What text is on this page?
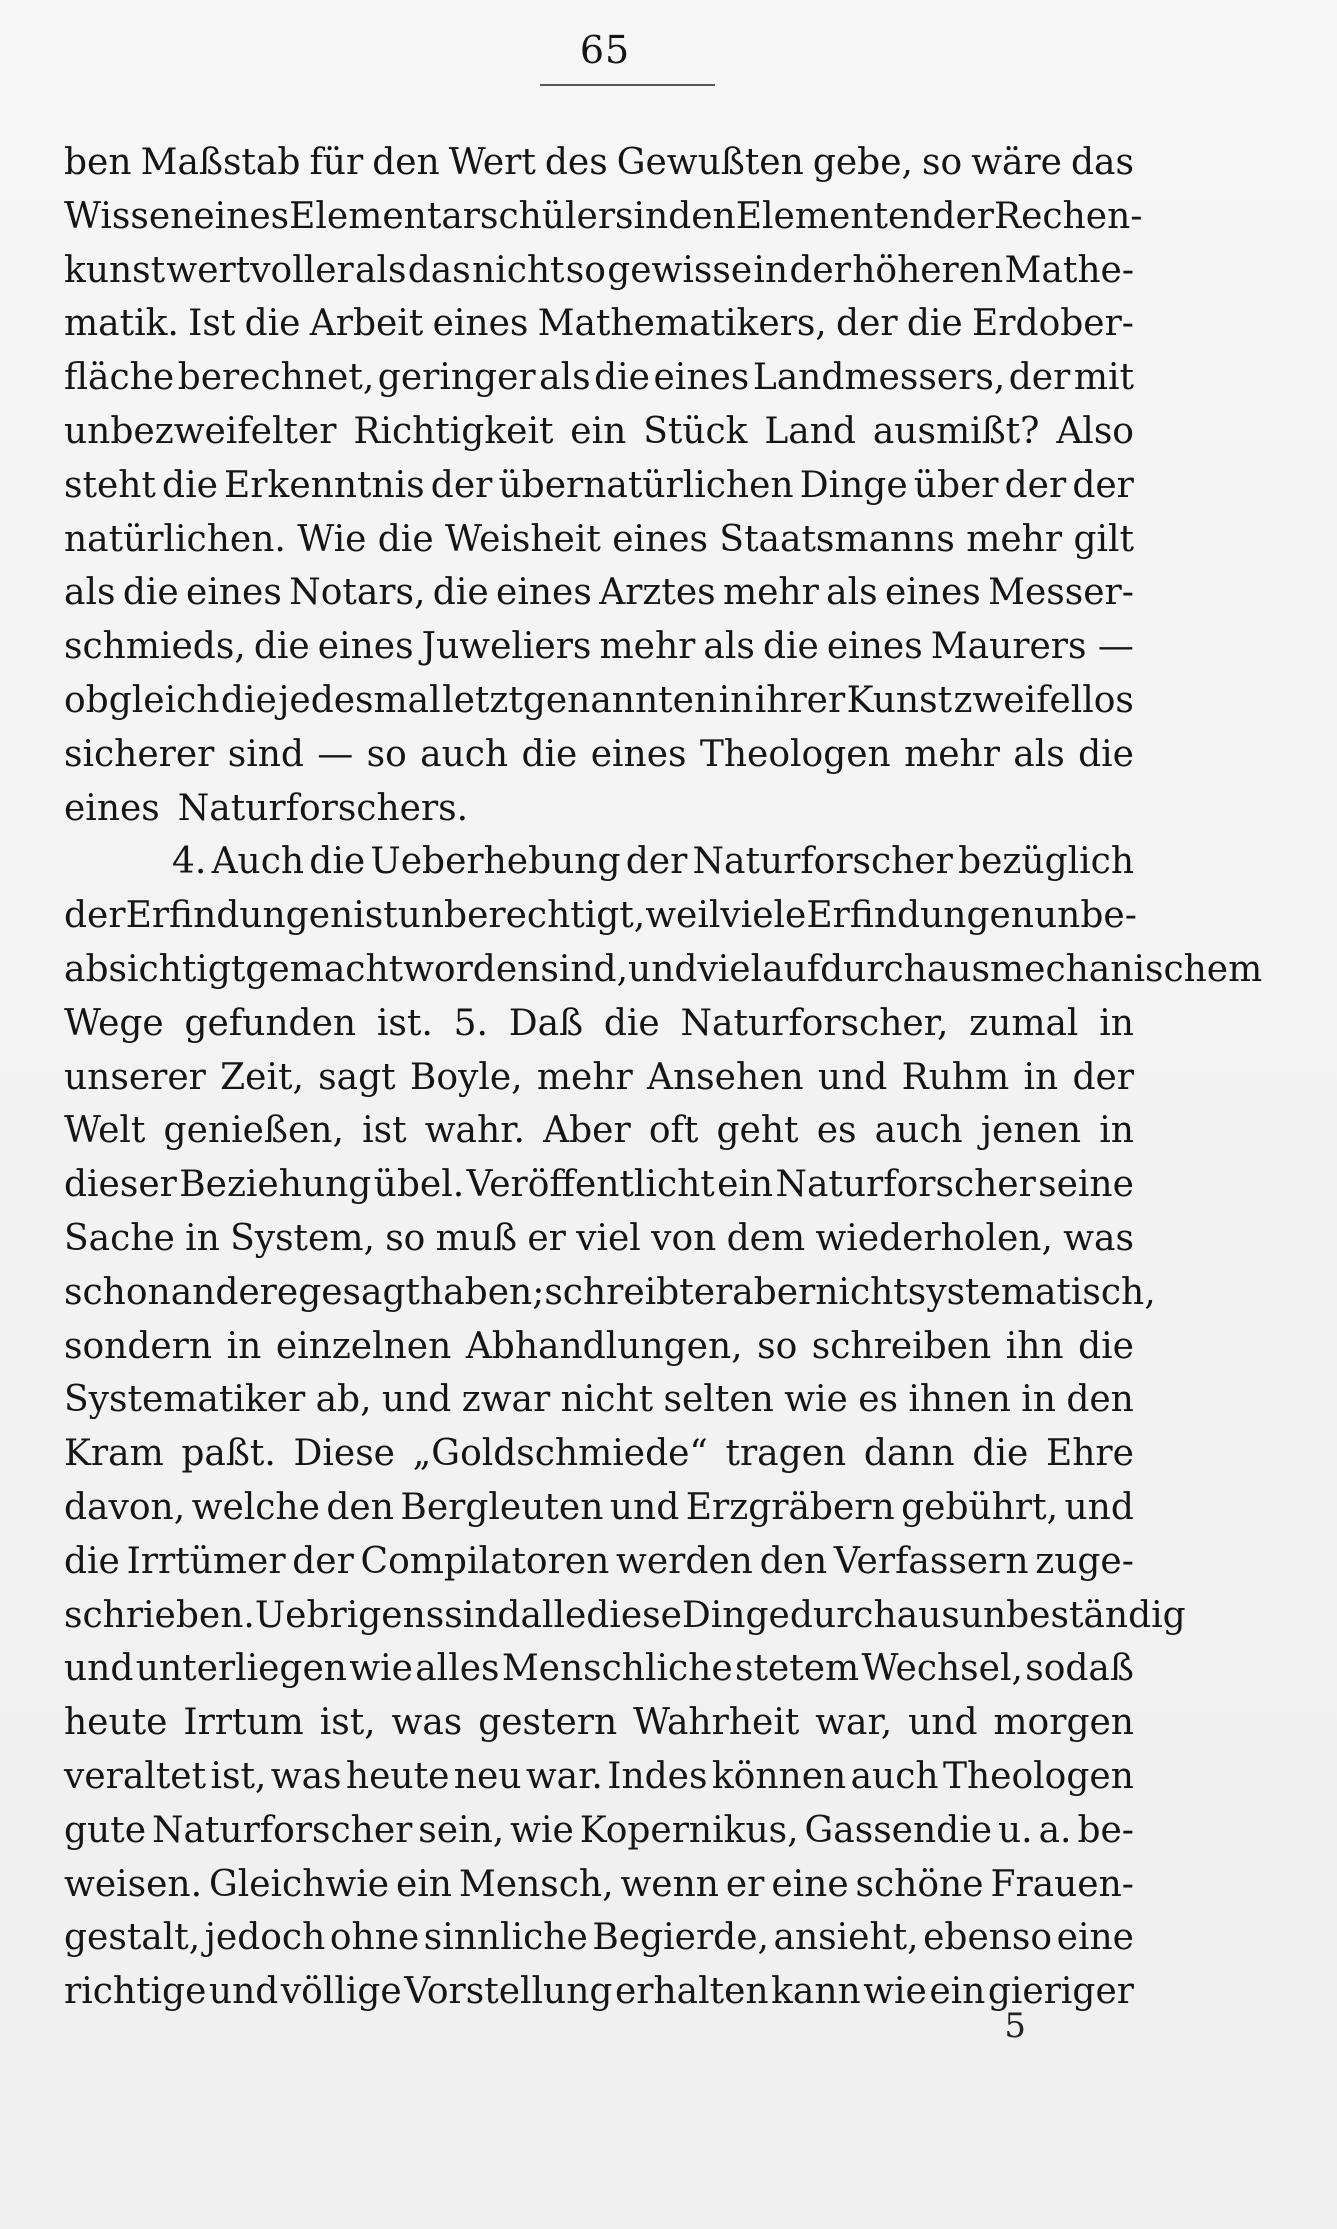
65
ben Maßstab für den Wert des Gewußten gebe, so wäre das
Wissen eines Elementarschülers in den Elementen der Rechen-
kunst wertvoller als das nicht so gewisse in der höheren Mathe-
matik. Ist die Arbeit eines Mathematikers, der die Erdober-
fläche berechnet, geringer als die eines Landmessers, der mit
unbezweifelter Richtigkeit ein Stück Land ausmißt? Also
steht die Erkenntnis der übernatürlichen Dinge über der der
natürlichen. Wie die Weisheit eines Staatsmanns mehr gilt
als die eines Notars, die eines Arztes mehr als eines Messer-
schmieds, die eines Juweliers mehr als die eines Maurers —
obgleich die jedesmal letztgenannten in ihrer Kunst zweifellos
sicherer sind — so auch die eines Theologen mehr als die
eines Naturforschers.
4. Auch die Ueberhebung der Naturforscher bezüglich
der Erfindungen ist unberechtigt, weil viele Erfindungen unbe-
absichtigt gemacht worden sind, und viel auf durchaus mechanischem
Wege gefunden ist. 5. Daß die Naturforscher, zumal in
unserer Zeit, sagt Boyle, mehr Ansehen und Ruhm in der
Welt genießen, ist wahr. Aber oft geht es auch jenen in
dieser Beziehung übel. Veröffentlicht ein Naturforscher seine
Sache in System, so muß er viel von dem wiederholen, was
schon andere gesagt haben; schreibt er aber nicht systematisch,
sondern in einzelnen Abhandlungen, so schreiben ihn die
Systematiker ab, und zwar nicht selten wie es ihnen in den
Kram paßt. Diese „Goldschmiede“ tragen dann die Ehre
davon, welche den Bergleuten und Erzgräbern gebührt, und
die Irrtümer der Compilatoren werden den Verfassern zuge-
schrieben. Uebrigens sind alle diese Dinge durchaus unbeständig
und unterliegen wie alles Menschliche stetem Wechsel, sodaß
heute Irrtum ist, was gestern Wahrheit war, und morgen
veraltet ist, was heute neu war. Indes können auch Theologen
gute Naturforscher sein, wie Kopernikus, Gassendie u. a. be-
weisen. Gleichwie ein Mensch, wenn er eine schöne Frauen-
gestalt, jedoch ohne sinnliche Begierde, ansieht, ebenso eine
richtige und völlige Vorstellung erhalten kann wie ein gieriger
5
